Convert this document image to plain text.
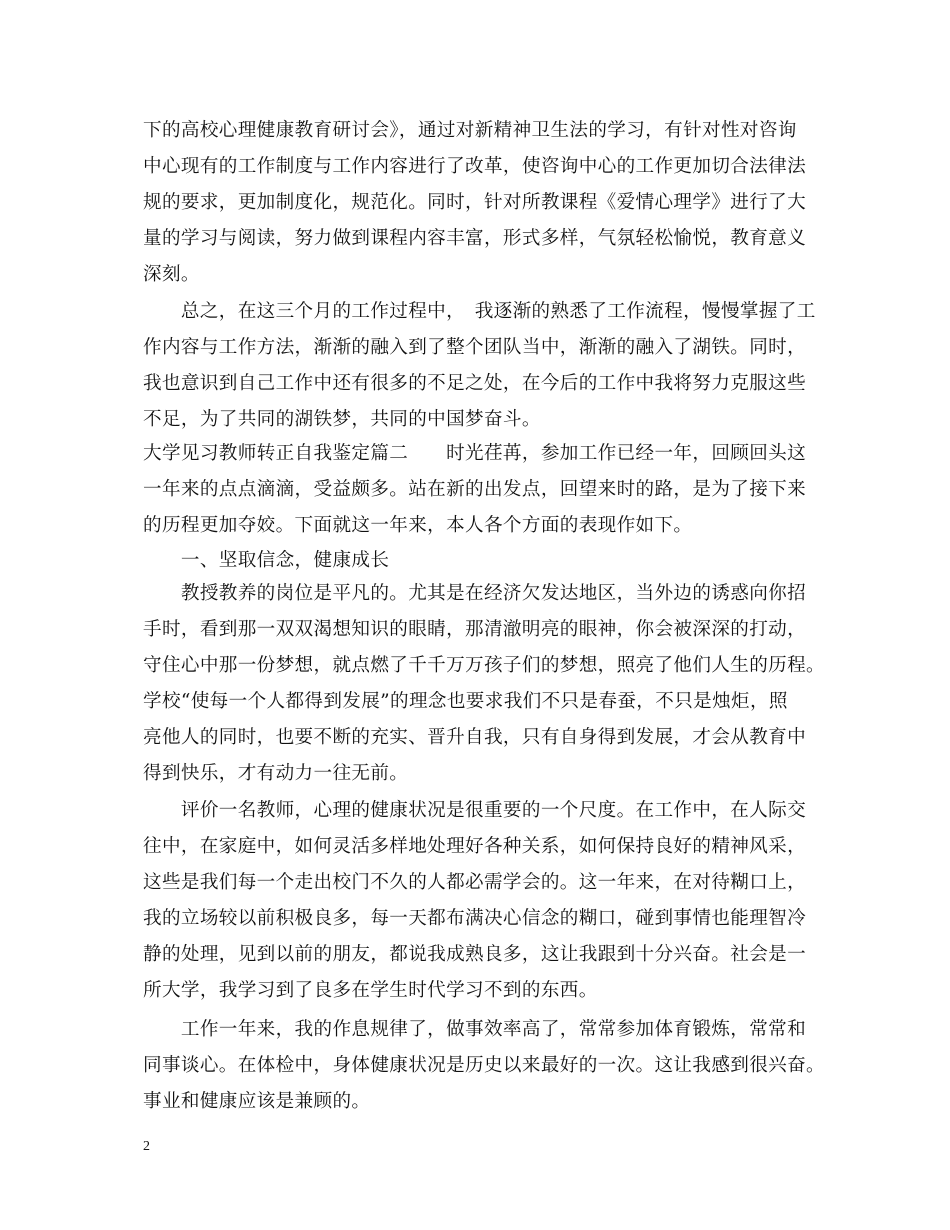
下的高校心理健康教育研讨会》，通过对新精神卫生法的学习，有针对性对咨询
中心现有的工作制度与工作内容进行了改革，使咨询中心的工作更加切合法律法
规的要求，更加制度化，规范化。同时，针对所教课程《爱情心理学》进行了大
量的学习与阅读，努力做到课程内容丰富，形式多样，气氛轻松愉悦，教育意义
深刻。
　　总之，在这三个月的工作过程中，　我逐渐的熟悉了工作流程，慢慢掌握了工
作内容与工作方法，渐渐的融入到了整个团队当中，渐渐的融入了湖铁。同时，
我也意识到自己工作中还有很多的不足之处，在今后的工作中我将努力克服这些
不足，为了共同的湖铁梦，共同的中国梦奋斗。
大学见习教师转正自我鉴定篇二　　时光荏苒，参加工作已经一年，回顾回头这
一年来的点点滴滴，受益颇多。站在新的出发点，回望来时的路，是为了接下来
的历程更加夺姣。下面就这一年来，本人各个方面的表现作如下。
　　一、坚取信念，健康成长
　　教授教养的岗位是平凡的。尤其是在经济欠发达地区，当外边的诱惑向你招
手时，看到那一双双渴想知识的眼睛，那清澈明亮的眼神，你会被深深的打动，
守住心中那一份梦想，就点燃了千千万万孩子们的梦想，照亮了他们人生的历程。
学校“使每一个人都得到发展”的理念也要求我们不只是春蚕，不只是烛炬，照
亮他人的同时，也要不断的充实、晋升自我，只有自身得到发展，才会从教育中
得到快乐，才有动力一往无前。
　　评价一名教师，心理的健康状况是很重要的一个尺度。在工作中，在人际交
往中，在家庭中，如何灵活多样地处理好各种关系，如何保持良好的精神风采，
这些是我们每一个走出校门不久的人都必需学会的。这一年来，在对待糊口上，
我的立场较以前积极良多，每一天都布满决心信念的糊口，碰到事情也能理智冷
静的处理，见到以前的朋友，都说我成熟良多，这让我跟到十分兴奋。社会是一
所大学，我学习到了良多在学生时代学习不到的东西。
　　工作一年来，我的作息规律了，做事效率高了，常常参加体育锻炼，常常和
同事谈心。在体检中，身体健康状况是历史以来最好的一次。这让我感到很兴奋。
事业和健康应该是兼顾的。
2
